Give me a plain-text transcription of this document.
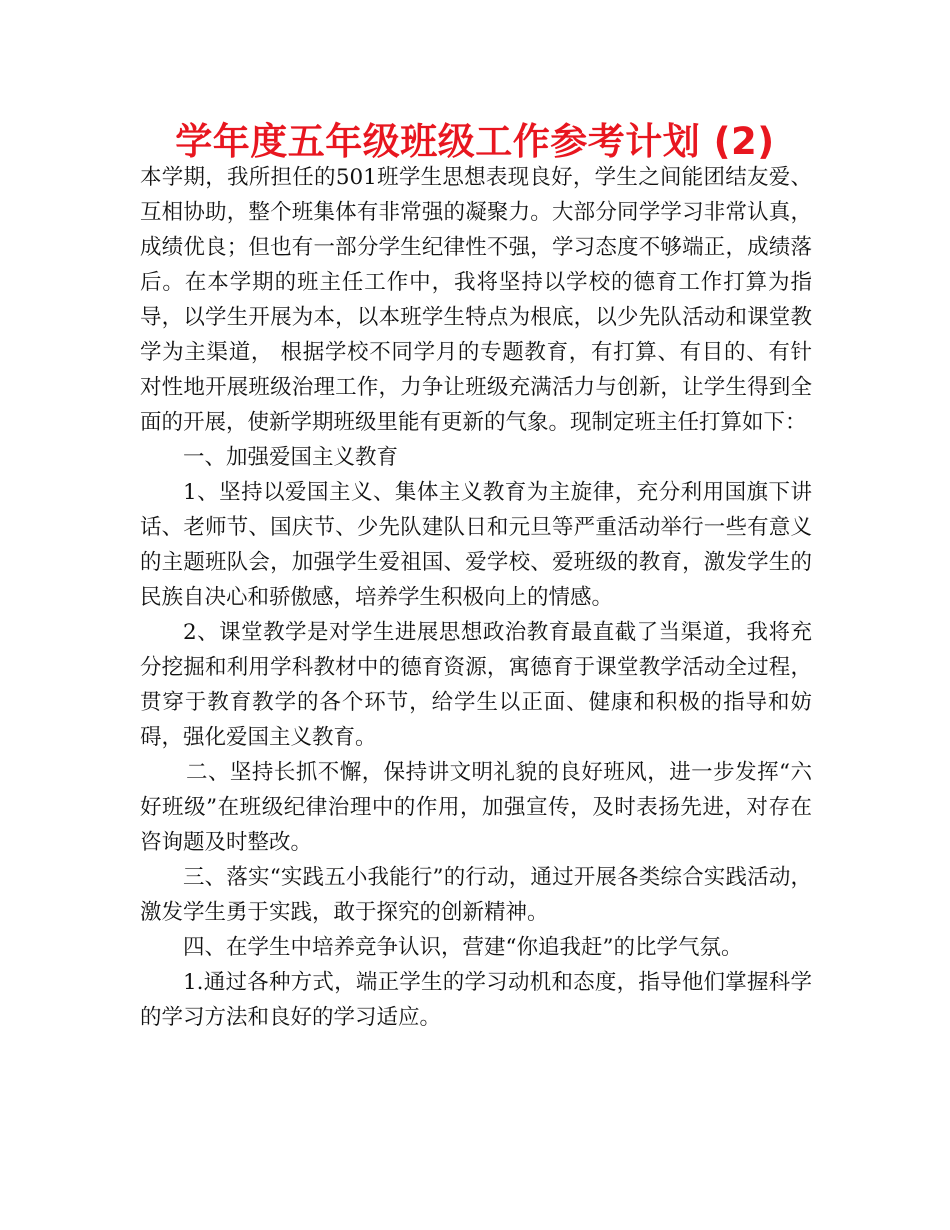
学年度五年级班级工作参考计划 (2)

本学期，我所担任的501班学生思想表现良好，学生之间能团结友爱、互相协助，整个班集体有非常强的凝聚力。大部分同学学习非常认真，成绩优良；但也有一部分学生纪律性不强，学习态度不够端正，成绩落后。在本学期的班主任工作中，我将坚持以学校的德育工作打算为指导，以学生开展为本，以本班学生特点为根底，以少先队活动和课堂教学为主渠道， 根据学校不同学月的专题教育，有打算、有目的、有针对性地开展班级治理工作，力争让班级充满活力与创新，让学生得到全面的开展，使新学期班级里能有更新的气象。现制定班主任打算如下：

一、加强爱国主义教育

1、坚持以爱国主义、集体主义教育为主旋律，充分利用国旗下讲话、老师节、国庆节、少先队建队日和元旦等严重活动举行一些有意义的主题班队会，加强学生爱祖国、爱学校、爱班级的教育，激发学生的民族自决心和骄傲感，培养学生积极向上的情感。

2、课堂教学是对学生进展思想政治教育最直截了当渠道，我将充分挖掘和利用学科教材中的德育资源，寓德育于课堂教学活动全过程，贯穿于教育教学的各个环节，给学生以正面、健康和积极的指导和妨碍，强化爱国主义教育。

二、坚持长抓不懈，保持讲文明礼貌的良好班风，进一步发挥“六好班级”在班级纪律治理中的作用，加强宣传，及时表扬先进，对存在咨询题及时整改。

三、落实“实践五小我能行”的行动，通过开展各类综合实践活动，激发学生勇于实践，敢于探究的创新精神。

四、在学生中培养竞争认识，营建“你追我赶”的比学气氛。

1.通过各种方式，端正学生的学习动机和态度，指导他们掌握科学的学习方法和良好的学习适应。
